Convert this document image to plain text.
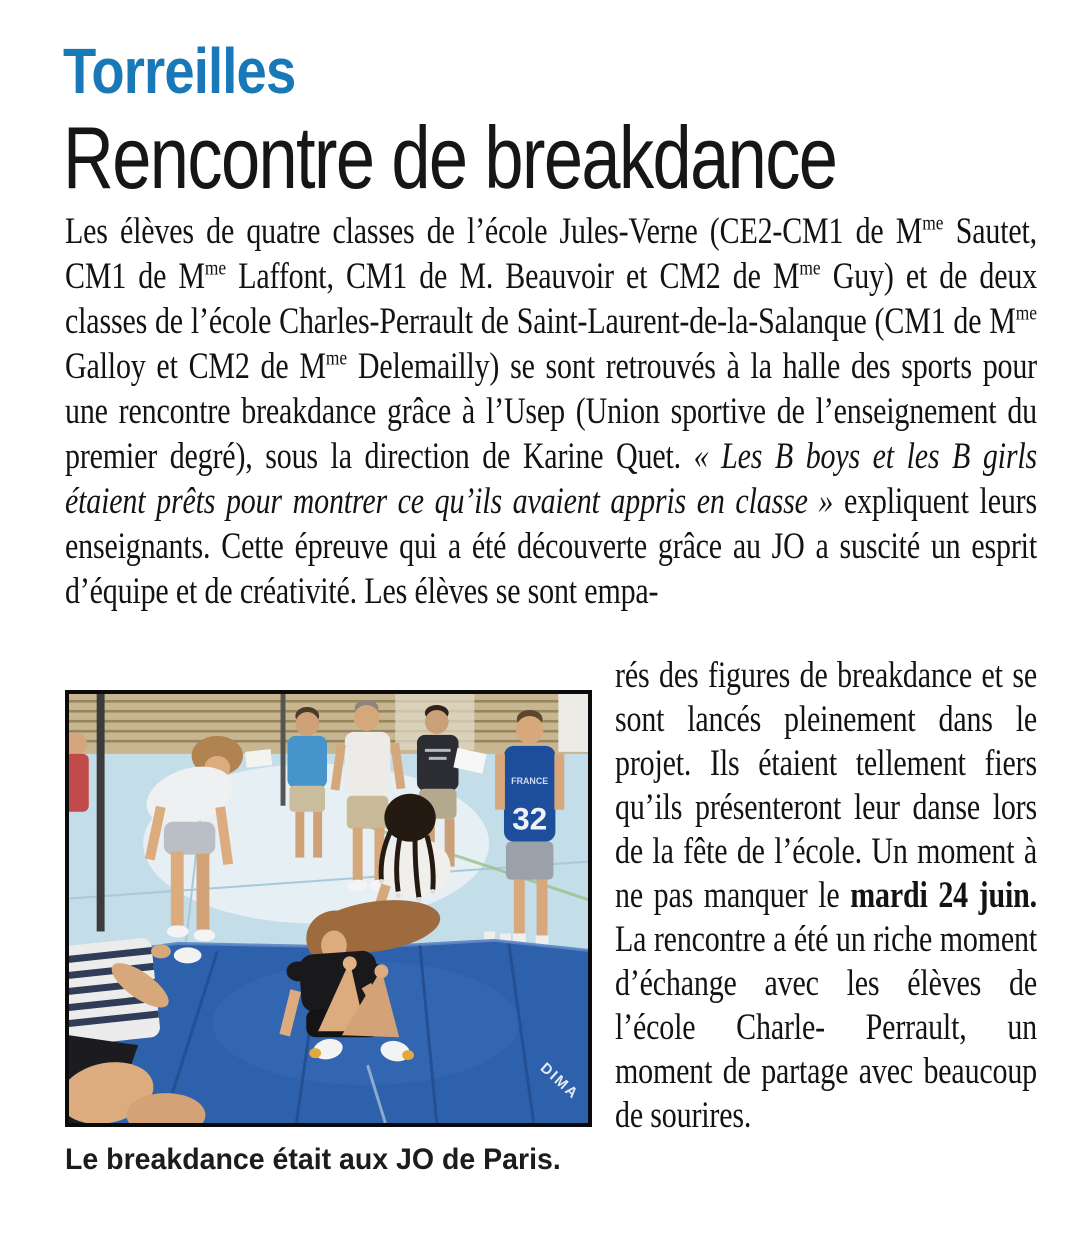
Torreilles
Rencontre de breakdance

Les élèves de quatre classes de l’école Jules-Verne (CE2-CM1 de $M^{me}$ Sautet, CM1 de $M^{me}$ Laffont, CM1 de M. Beauvoir et CM2 de $M^{me}$ Guy) et de deux classes de l’école Charles-Perrault de Saint-Laurent-de-la-Salanque (CM1 de $M^{me}$ Galloy et CM2 de $M^{me}$ Delemailly) se sont retrouvés à la halle des sports pour une rencontre breakdance grâce à l’Usep (Union sportive de l’enseignement du premier degré), sous la direction de Karine Quet. « Les B boys et les B girls étaient prêts pour montrer ce qu’ils avaient appris en classe » expliquent leurs enseignants. Cette épreuve qui a été découverte grâce au JO a suscité un esprit d’équipe et de créativité. Les élèves se sont empa-

rés des figures de breakdance et se sont lancés pleinement dans le projet. Ils étaient tellement fiers qu’ils présenteront leur danse lors de la fête de l’école. Un moment à ne pas manquer le mardi 24 juin. La rencontre a été un riche moment d’échange avec les élèves de l’école Charle- Perrault, un moment de partage avec beaucoup de sourires.

FRANCE
32
DIMA
Le breakdance était aux JO de Paris.
